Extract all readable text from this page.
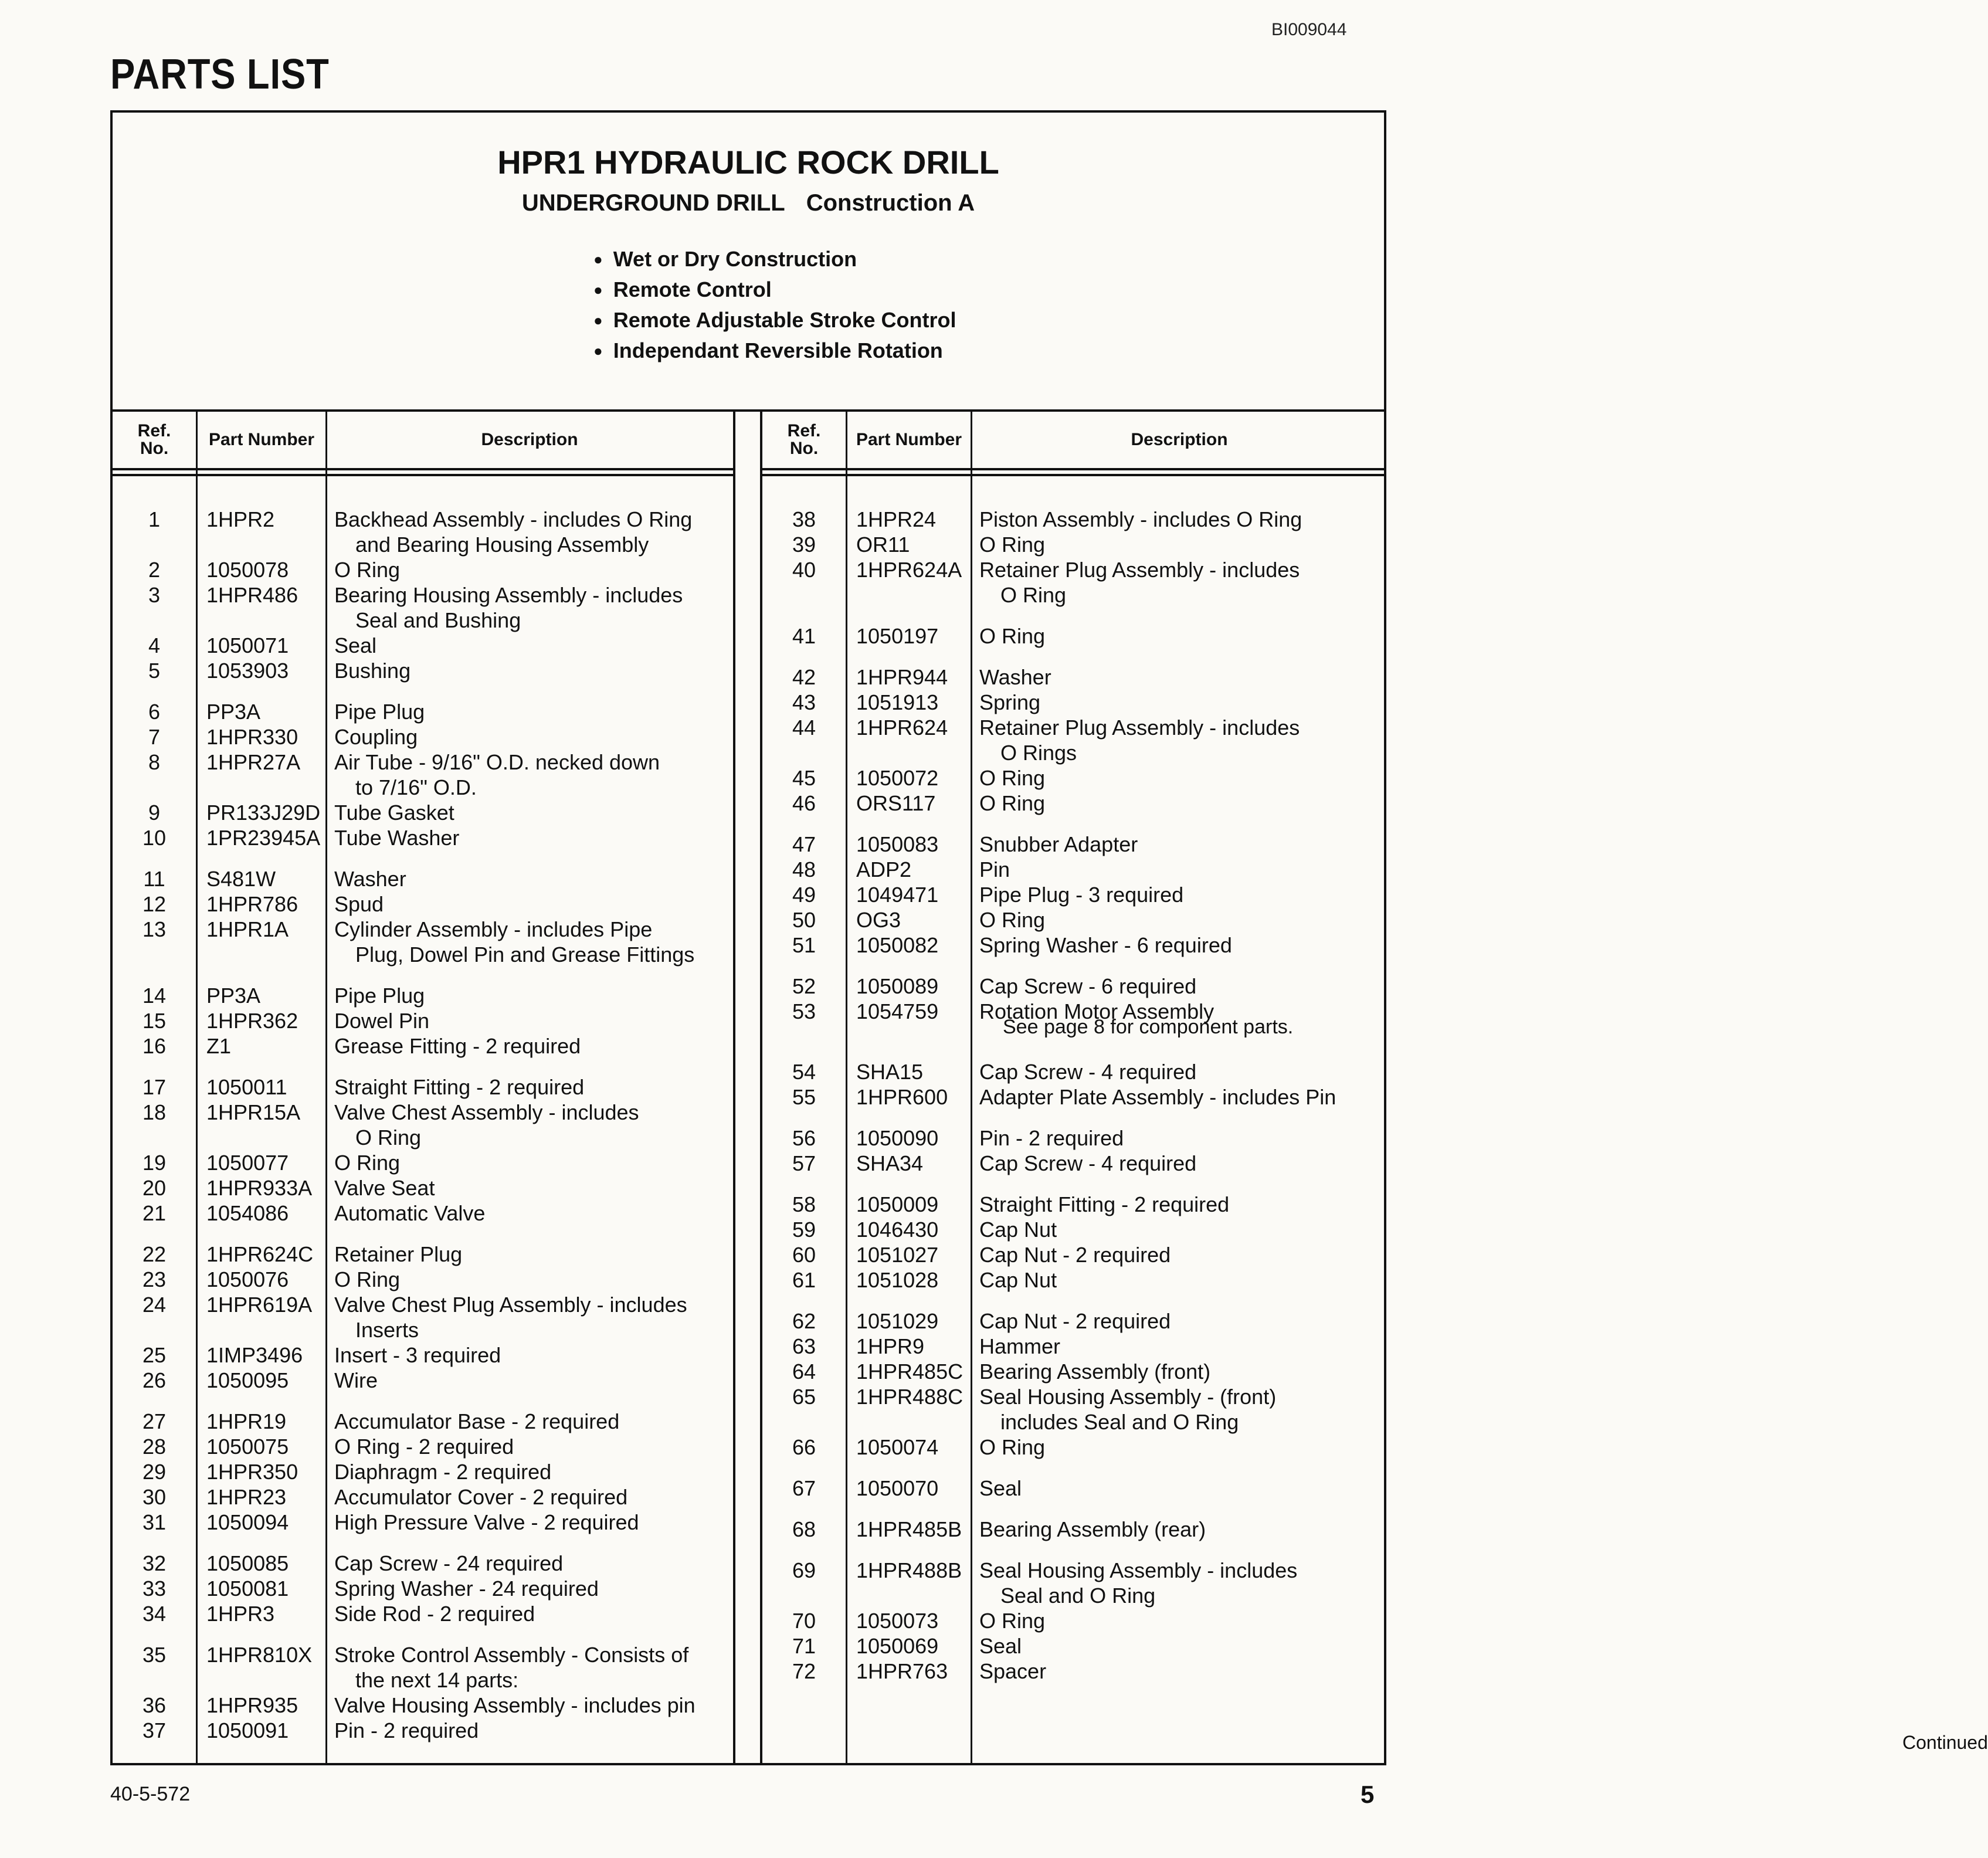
BI009044
PARTS LIST
HPR1 HYDRAULIC ROCK DRILL
UNDERGROUND DRILL Construction A
● Wet or Dry Construction
● Remote Control
● Remote Adjustable Stroke Control
● Independant Reversible Rotation
Ref.
No.	Part Number	Description
1	1HPR2	Backhead Assembly - includes O Ring
and Bearing Housing Assembly
2	1050078 O Ring
3	1HPR486 Bearing Housing Assembly - includes
Seal and Bushing
4	1050071 Seal
5	1053903 Bushing
6	PP3A	Pipe Plug
7	1HPR330 Coupling
8	1HPR27A Air Tube - 9/16" O.D. necked down
to 7/16" O.D.
9	PR133J29D Tube Gasket
10	1PR23945A Tube Washer
11	S481W	Washer
12	1HPR786 Spud
13	1HPR1A Cylinder Assembly - includes Pipe
Plug, Dowel Pin and Grease Fittings
14	PP3A	Pipe Plug
15	1HPR362 Dowel Pin
16	Z1	Grease Fitting - 2 required
17	1050011 Straight Fitting - 2 required
18	1HPR15A Valve Chest Assembly - includes
O Ring
19	1050077 O Ring
20	1HPR933A Valve Seat
21	1054086 Automatic Valve
22	1HPR624C Retainer Plug
23	1050076 O Ring
24	1HPR619A Valve Chest Plug Assembly - includes
Inserts
25	1IMP3496 Insert - 3 required
26	1050095 Wire
27	1HPR19 Accumulator Base - 2 required
28	1050075 O Ring - 2 required
29	1HPR350 Diaphragm - 2 required
30	1HPR23 Accumulator Cover - 2 required
31	1050094 High Pressure Valve - 2 required
32	1050085 Cap Screw - 24 required
33	1050081 Spring Washer - 24 required
34	1HPR3	Side Rod - 2 required
35	1HPR810X Stroke Control Assembly - Consists of
the next 14 parts:
36	1HPR935 Valve Housing Assembly - includes pin
37	1050091 Pin - 2 required
Ref.
No.	Part Number	Description
38	1HPR24 Piston Assembly - includes O Ring
39	OR11	O Ring
40	1HPR624A Retainer Plug Assembly - includes
O Ring
41	1050197 O Ring
42	1HPR944 Washer
43	1051913 Spring
44	1HPR624 Retainer Plug Assembly - includes
O Rings
45	1050072 O Ring
46	ORS117 O Ring
47	1050083 Snubber Adapter
48	ADP2	Pin
49	1049471 Pipe Plug - 3 required
50	OG3	O Ring
51	1050082 Spring Washer - 6 required
52	1050089 Cap Screw - 6 required
53	1054759 Rotation Motor Assembly
54	SHA15	Cap Screw - 4 required
55	1HPR600 Adapter Plate Assembly - includes Pin
56	1050090 Pin - 2 required
57	SHA34	Cap Screw - 4 required
58	1050009 Straight Fitting - 2 required
59	1046430 Cap Nut
60	1051027 Cap Nut - 2 required
61	1051028 Cap Nut
62	1051029 Cap Nut - 2 required
63	1HPR9	Hammer
64	1HPR485C Bearing Assembly (front)
65	1HPR488C Seal Housing Assembly - (front)
includes Seal and O Ring
66	1050074 O Ring
67	1050070 Seal
68	1HPR485B Bearing Assembly (rear)
69	1HPR488B Seal Housing Assembly - includes
Seal and O Ring
70	1050073 O Ring
71	1050069 Seal
72	1HPR763 Spacer
See page 8 for component parts.
Continued
40-5-572	5
